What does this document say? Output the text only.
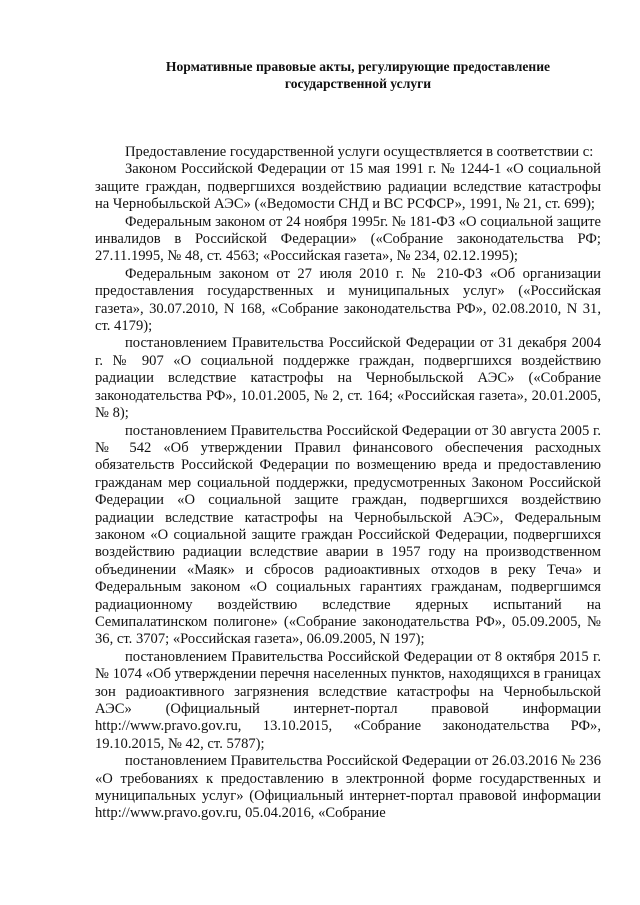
Нормативные правовые акты, регулирующие предоставление
государственной услуги

Предоставление государственной услуги осуществляется в соответствии с:

Законом Российской Федерации от 15 мая 1991 г. № 1244-1 «О социальной защите граждан, подвергшихся воздействию радиации вследствие катастрофы на Чернобыльской АЭС» («Ведомости СНД и ВС РСФСР», 1991, № 21, ст. 699);

Федеральным законом от 24 ноября 1995г. № 181-ФЗ «О социальной защите инвалидов в Российской Федерации» («Собрание законодательства РФ; 27.11.1995, № 48, ст. 4563; «Российская газета», № 234, 02.12.1995);

Федеральным законом от 27 июля 2010 г. № 210-ФЗ «Об организации предоставления государственных и муниципальных услуг» («Российская газета», 30.07.2010, N 168, «Собрание законодательства РФ», 02.08.2010, N 31, ст. 4179);

постановлением Правительства Российской Федерации от 31 декабря 2004 г. № 907 «О социальной поддержке граждан, подвергшихся воздействию радиации вследствие катастрофы на Чернобыльской АЭС» («Собрание законодательства РФ», 10.01.2005, № 2, ст. 164; «Российская газета», 20.01.2005, № 8);

постановлением Правительства Российской Федерации от 30 августа 2005 г. № 542 «Об утверждении Правил финансового обеспечения расходных обязательств Российской Федерации по возмещению вреда и предоставлению гражданам мер социальной поддержки, предусмотренных Законом Российской Федерации «О социальной защите граждан, подвергшихся воздействию радиации вследствие катастрофы на Чернобыльской АЭС», Федеральным законом «О социальной защите граждан Российской Федерации, подвергшихся воздействию радиации вследствие аварии в 1957 году на производственном объединении «Маяк» и сбросов радиоактивных отходов в реку Теча» и Федеральным законом «О социальных гарантиях гражданам, подвергшимся радиационному воздействию вследствие ядерных испытаний на Семипалатинском полигоне» («Собрание законодательства РФ», 05.09.2005, № 36, ст. 3707; «Российская газета», 06.09.2005, N 197);

постановлением Правительства Российской Федерации от 8 октября 2015 г. № 1074 «Об утверждении перечня населенных пунктов, находящихся в границах зон радиоактивного загрязнения вследствие катастрофы на Чернобыльской АЭС» (Официальный интернет-портал правовой информации http://www.pravo.gov.ru, 13.10.2015, «Собрание законодательства РФ», 19.10.2015, № 42, ст. 5787);

постановлением Правительства Российской Федерации от 26.03.2016 № 236 «О требованиях к предоставлению в электронной форме государственных и муниципальных услуг» (Официальный интернет-портал правовой информации http://www.pravo.gov.ru, 05.04.2016, «Собрание
